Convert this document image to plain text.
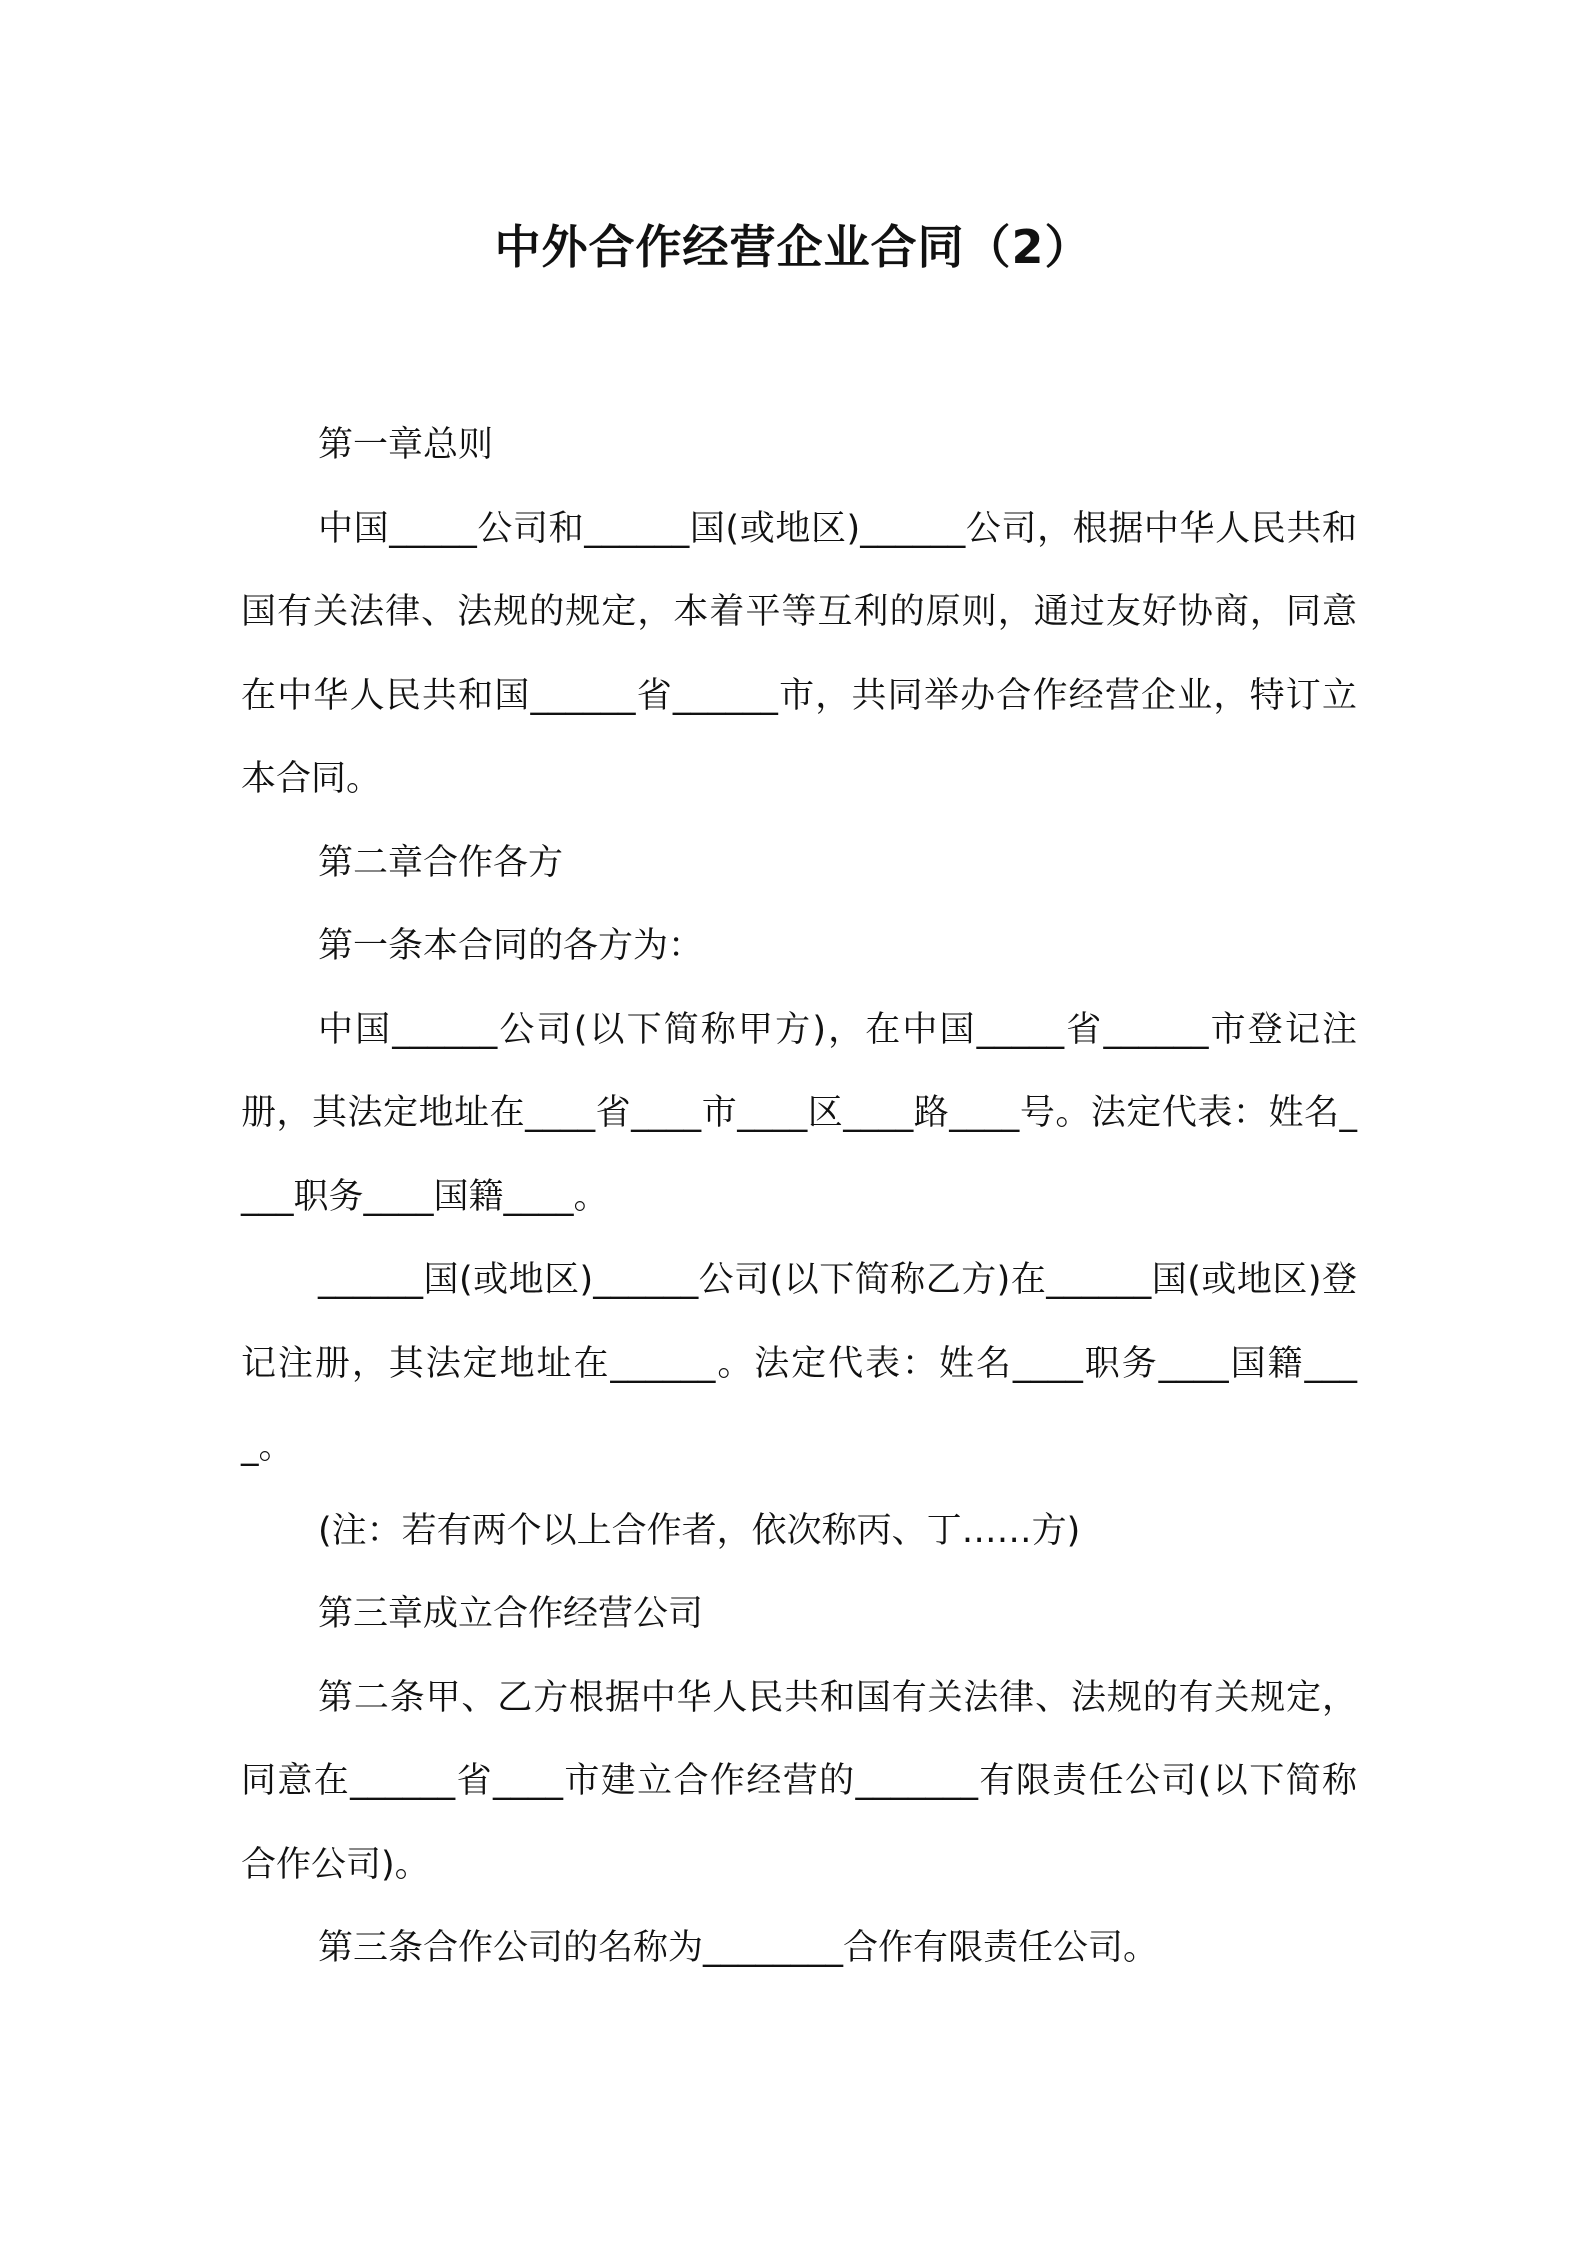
中外合作经营企业合同（2）

第一章总则

中国_____公司和______国(或地区)______公司，根据中华人民共和国有关法律、法规的规定，本着平等互利的原则，通过友好协商，同意在中华人民共和国______省______市，共同举办合作经营企业，特订立本合同。

第二章合作各方

第一条本合同的各方为：

中国______公司(以下简称甲方)，在中国_____省______市登记注册，其法定地址在____省____市____区____路____号。法定代表：姓名____职务____国籍____。

______国(或地区)______公司(以下简称乙方)在______国(或地区)登记注册，其法定地址在______。法定代表：姓名____职务____国籍____。

(注：若有两个以上合作者，依次称丙、丁……方)

第三章成立合作经营公司

第二条甲、乙方根据中华人民共和国有关法律、法规的有关规定，同意在______省____市建立合作经营的_______有限责任公司(以下简称合作公司)。

第三条合作公司的名称为________合作有限责任公司。
